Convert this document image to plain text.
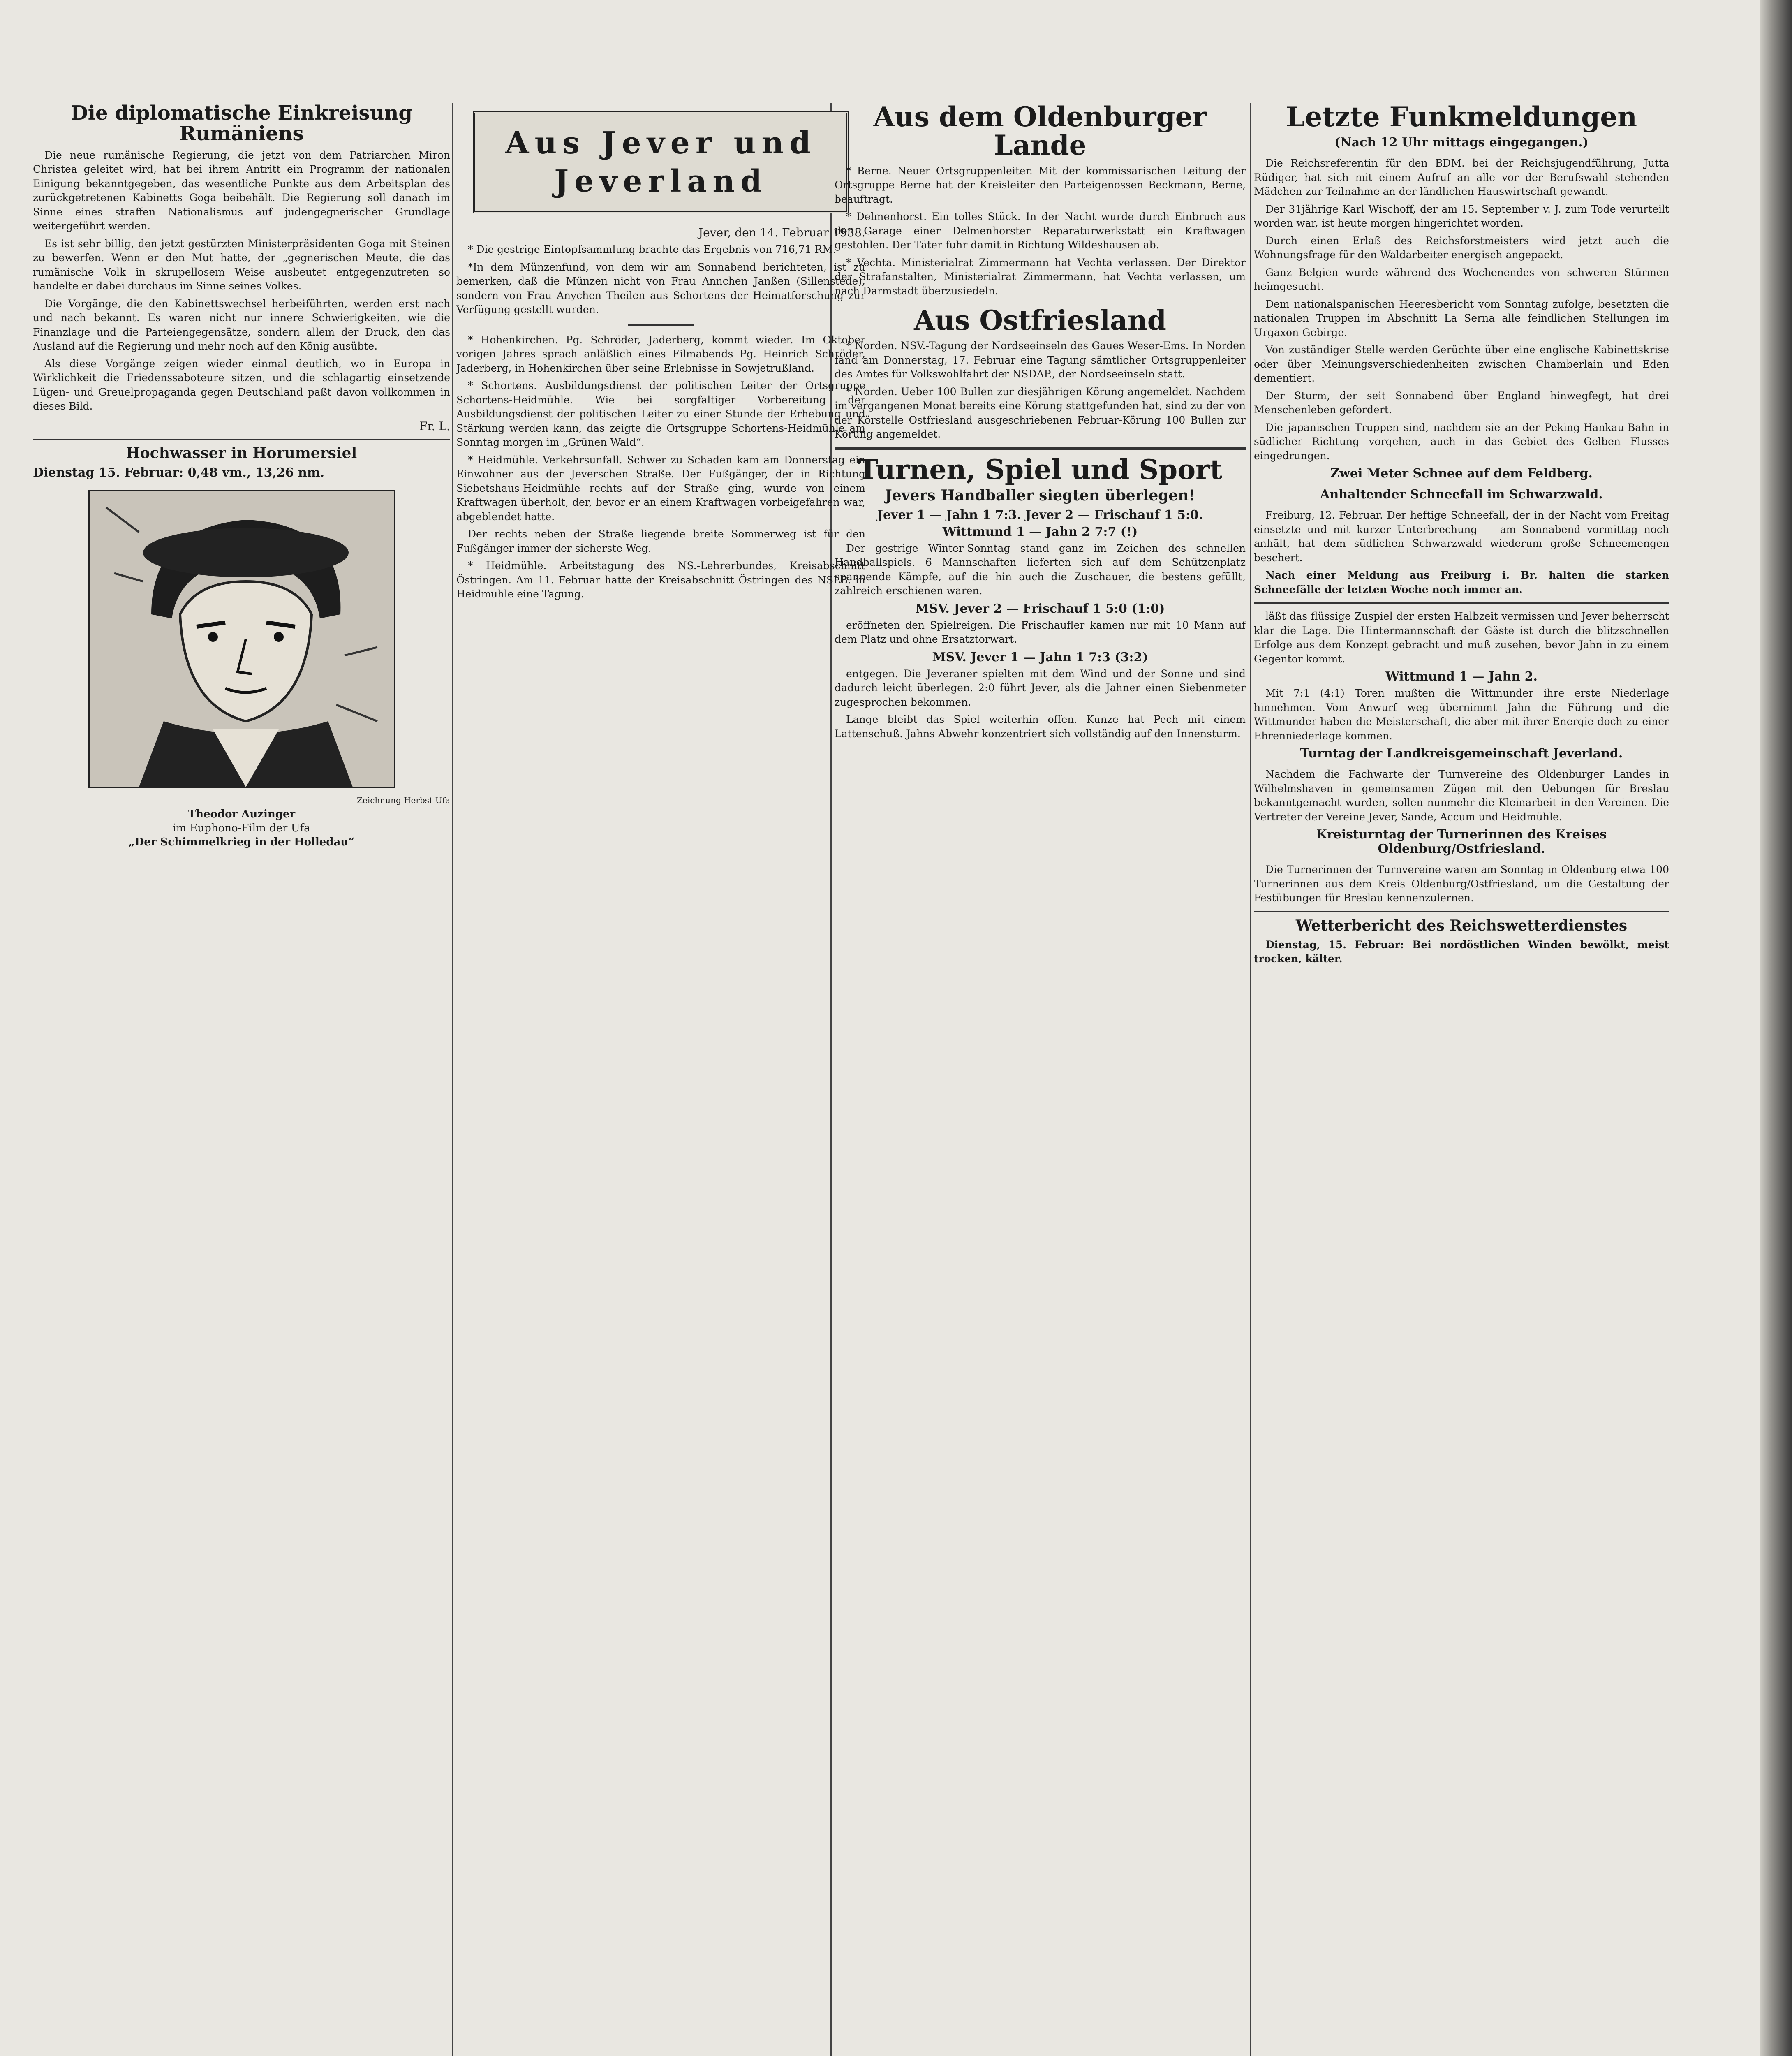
Die diplomatische Einkreisung Rumäniens

Die neue rumänische Regierung, die jetzt von dem Patriarchen Miron Christea geleitet wird, hat bei ihrem Antritt ein Programm der nationalen Einigung bekanntgegeben, das wesentliche Punkte aus dem Arbeitsplan des zurückgetretenen Kabinetts Goga beibehält. Die Regierung soll danach im Sinne eines straffen Nationalismus auf judengegnerischer Grundlage weitergeführt werden.

Es ist sehr billig, den jetzt gestürzten Ministerpräsidenten Goga mit Steinen zu bewerfen. Wenn er den Mut hatte, der „gegnerischen Meute, die das rumänische Volk in skrupellosem Weise ausbeutet entgegenzutreten so handelte er dabei durchaus im Sinne seines Volkes.

Die Vorgänge, die den Kabinettswechsel herbeiführten, werden erst nach und nach bekannt. Es waren nicht nur innere Schwierigkeiten, wie die Finanzlage und die Parteiengegensätze, sondern allem der Druck, den das Ausland auf die Regierung und mehr noch auf den König ausübte.

Als diese Vorgänge zeigen wieder einmal deutlich, wo in Europa in Wirklichkeit die Friedenssaboteure sitzen, und die schlagartig einsetzende Lügen- und Greuelpropaganda gegen Deutschland paßt davon vollkommen in dieses Bild.

Fr. L.
Hochwasser in Horumersiel
Dienstag 15. Februar: 0,48 vm., 13,26 nm.
Zeichnung Herbst-Ufa
Theodor Auzinger
im Euphono-Film der Ufa
„Der Schimmelkrieg in der Holledau“
Aus Jever und Jeverland
Jever, den 14. Februar 1938.

* Die gestrige Eintopfsammlung brachte das Ergebnis von 716,71 RM.

*In dem Münzenfund, von dem wir am Sonnabend berichteten, ist zu bemerken, daß die Münzen nicht von Frau Annchen Janßen (Sillenstede), sondern von Frau Anychen Theilen aus Schortens der Heimatforschung zur Verfügung gestellt wurden.

* Hohenkirchen. Pg. Schröder, Jaderberg, kommt wieder. Im Oktober vorigen Jahres sprach anläßlich eines Filmabends Pg. Heinrich Schröder, Jaderberg, in Hohenkirchen über seine Erlebnisse in Sowjetrußland.

* Schortens. Ausbildungsdienst der politischen Leiter der Ortsgruppe Schortens-Heidmühle. Wie bei sorgfältiger Vorbereitung der Ausbildungsdienst der politischen Leiter zu einer Stunde der Erhebung und Stärkung werden kann, das zeigte die Ortsgruppe Schortens-Heidmühle am Sonntag morgen im „Grünen Wald“.

* Heidmühle. Verkehrsunfall. Schwer zu Schaden kam am Donnerstag ein Einwohner aus der Jeverschen Straße. Der Fußgänger, der in Richtung Siebetshaus-Heidmühle rechts auf der Straße ging, wurde von einem Kraftwagen überholt, der, bevor er an einem Kraftwagen vorbeigefahren war, abgeblendet hatte.

Der rechts neben der Straße liegende breite Sommerweg ist für den Fußgänger immer der sicherste Weg.

* Heidmühle. Arbeitstagung des NS.-Lehrerbundes, Kreisabschnitt Östringen. Am 11. Februar hatte der Kreisabschnitt Östringen des NSLB. in Heidmühle eine Tagung.

Aus dem Oldenburger Lande

* Berne. Neuer Ortsgruppenleiter. Mit der kommissarischen Leitung der Ortsgruppe Berne hat der Kreisleiter den Parteigenossen Beckmann, Berne, beauftragt.

* Delmenhorst. Ein tolles Stück. In der Nacht wurde durch Einbruch aus der Garage einer Delmenhorster Reparaturwerkstatt ein Kraftwagen gestohlen. Der Täter fuhr damit in Richtung Wildeshausen ab.

* Vechta. Ministerialrat Zimmermann hat Vechta verlassen. Der Direktor der Strafanstalten, Ministerialrat Zimmermann, hat Vechta verlassen, um nach Darmstadt überzusiedeln.

Aus Ostfriesland

* Norden. NSV.-Tagung der Nordseeinseln des Gaues Weser-Ems. In Norden fand am Donnerstag, 17. Februar eine Tagung sämtlicher Ortsgruppenleiter des Amtes für Volkswohlfahrt der NSDAP., der Nordseeinseln statt.

* Norden. Ueber 100 Bullen zur diesjährigen Körung angemeldet. Nachdem im vergangenen Monat bereits eine Körung stattgefunden hat, sind zu der von der Körstelle Ostfriesland ausgeschriebenen Februar-Körung 100 Bullen zur Körung angemeldet.

Turnen, Spiel und Sport
Jevers Handballer siegten überlegen!
Jever 1 — Jahn 1 7:3. Jever 2 — Frischauf 1 5:0.
Wittmund 1 — Jahn 2 7:7 (!)

Der gestrige Winter-Sonntag stand ganz im Zeichen des schnellen Handballspiels. 6 Mannschaften lieferten sich auf dem Schützenplatz spannende Kämpfe, auf die hin auch die Zuschauer, die bestens gefüllt, zahlreich erschienen waren.

MSV. Jever 2 — Frischauf 1 5:0 (1:0)

eröffneten den Spielreigen. Die Frischaufler kamen nur mit 10 Mann auf dem Platz und ohne Ersatztorwart.

MSV. Jever 1 — Jahn 1 7:3 (3:2)

entgegen. Die Jeveraner spielten mit dem Wind und der Sonne und sind dadurch leicht überlegen. 2:0 führt Jever, als die Jahner einen Siebenmeter zugesprochen bekommen.

Lange bleibt das Spiel weiterhin offen. Kunze hat Pech mit einem Lattenschuß. Jahns Abwehr konzentriert sich vollständig auf den Innensturm.

Letzte Funkmeldungen
(Nach 12 Uhr mittags eingegangen.)

Die Reichsreferentin für den BDM. bei der Reichsjugendführung, Jutta Rüdiger, hat sich mit einem Aufruf an alle vor der Berufswahl stehenden Mädchen zur Teilnahme an der ländlichen Hauswirtschaft gewandt.

Der 31jährige Karl Wischoff, der am 15. September v. J. zum Tode verurteilt worden war, ist heute morgen hingerichtet worden.

Durch einen Erlaß des Reichsforstmeisters wird jetzt auch die Wohnungsfrage für den Waldarbeiter energisch angepackt.

Ganz Belgien wurde während des Wochenendes von schweren Stürmen heimgesucht.

Dem nationalspanischen Heeresbericht vom Sonntag zufolge, besetzten die nationalen Truppen im Abschnitt La Serna alle feindlichen Stellungen im Urgaxon-Gebirge.

Von zuständiger Stelle werden Gerüchte über eine englische Kabinettskrise oder über Meinungsverschiedenheiten zwischen Chamberlain und Eden dementiert.

Der Sturm, der seit Sonnabend über England hinwegfegt, hat drei Menschenleben gefordert.

Die japanischen Truppen sind, nachdem sie an der Peking-Hankau-Bahn in südlicher Richtung vorgehen, auch in das Gebiet des Gelben Flusses eingedrungen.

Zwei Meter Schnee auf dem Feldberg.
Anhaltender Schneefall im Schwarzwald.

Freiburg, 12. Februar. Der heftige Schneefall, der in der Nacht vom Freitag einsetzte und mit kurzer Unterbrechung — am Sonnabend vormittag noch anhält, hat dem südlichen Schwarzwald wiederum große Schneemengen beschert.

Nach einer Meldung aus Freiburg i. Br. halten die starken Schneefälle der letzten Woche noch immer an.

läßt das flüssige Zuspiel der ersten Halbzeit vermissen und Jever beherrscht klar die Lage. Die Hintermannschaft der Gäste ist durch die blitzschnellen Erfolge aus dem Konzept gebracht und muß zusehen, bevor Jahn in zu einem Gegentor kommt.

Wittmund 1 — Jahn 2.

Mit 7:1 (4:1) Toren mußten die Wittmunder ihre erste Niederlage hinnehmen. Vom Anwurf weg übernimmt Jahn die Führung und die Wittmunder haben die Meisterschaft, die aber mit ihrer Energie doch zu einer Ehrenniederlage kommen.

Turntag der Landkreisgemeinschaft Jeverland.

Nachdem die Fachwarte der Turnvereine des Oldenburger Landes in Wilhelmshaven in gemeinsamen Zügen mit den Uebungen für Breslau bekanntgemacht wurden, sollen nunmehr die Kleinarbeit in den Vereinen. Die Vertreter der Vereine Jever, Sande, Accum und Heidmühle.

Kreisturntag der Turnerinnen des Kreises Oldenburg/Ostfriesland.

Die Turnerinnen der Turnvereine waren am Sonntag in Oldenburg etwa 100 Turnerinnen aus dem Kreis Oldenburg/Ostfriesland, um die Gestaltung der Festübungen für Breslau kennenzulernen.

Wetterbericht des Reichswetterdienstes

Dienstag, 15. Februar: Bei nordöstlichen Winden bewölkt, meist trocken, kälter.
